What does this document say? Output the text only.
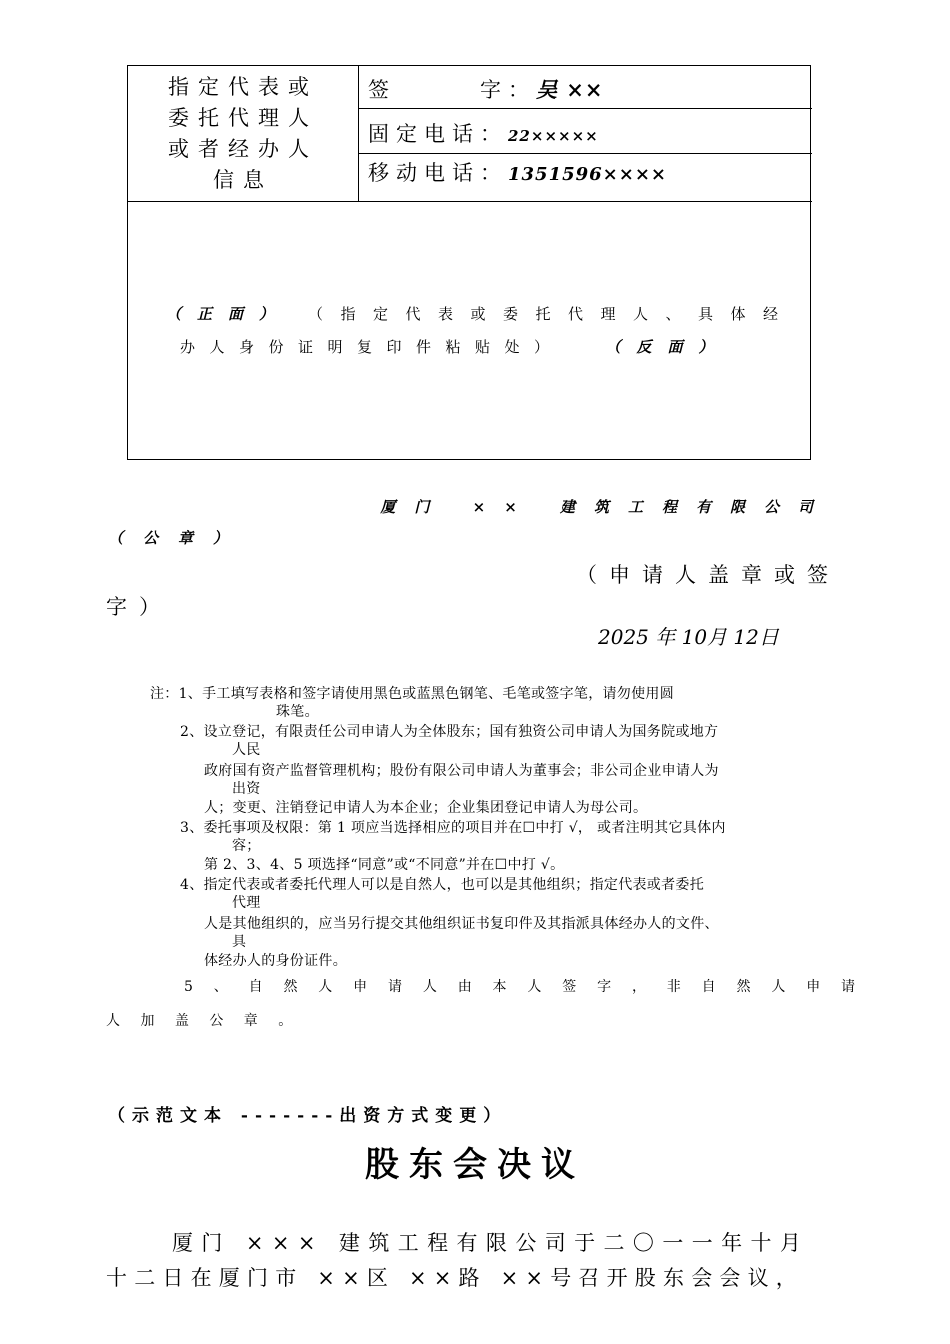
指定代表或
委托代理人
或者经办人
信息
签　　　字：吴 ××
固定电话：22×××××
移动电话：1351596××××
（正面） （指定代表或委托代理人、具体经
办人身份证明复印件粘贴处）	（反面）
厦门 ×× 建筑工程有限公司
（公章）
（申请人盖章或签
字）
2025 年 10月 12日
注：1、手工填写表格和签字请使用黑色或蓝黑色钢笔、毛笔或签字笔，请勿使用圆
珠笔。
2、设立登记，有限责任公司申请人为全体股东；国有独资公司申请人为国务院或地方
人民
政府国有资产监督管理机构；股份有限公司申请人为董事会；非公司企业申请人为
出资
人；变更、注销登记申请人为本企业；企业集团登记申请人为母公司。
3、委托事项及权限：第 1 项应当选择相应的项目并在☐中打 √， 或者注明其它具体内
容；
第 2、3、4、5 项选择“同意”或“不同意”并在☐中打 √。
4、指定代表或者委托代理人可以是自然人，也可以是其他组织；指定代表或者委托
代理
人是其他组织的，应当另行提交其他组织证书复印件及其指派具体经办人的文件、
具
体经办人的身份证件。
5 、 自 然 人 申 请 人 由 本 人 签 字 ， 非 自 然 人 申 请
人 加 盖 公 章 。
（示范文本 -------出资方式变更）
股东会决议
厦门 ××× 建筑工程有限公司于二〇一一年十月
十二日在厦门市 ××区 ××路 ××号召开股东会会议，
